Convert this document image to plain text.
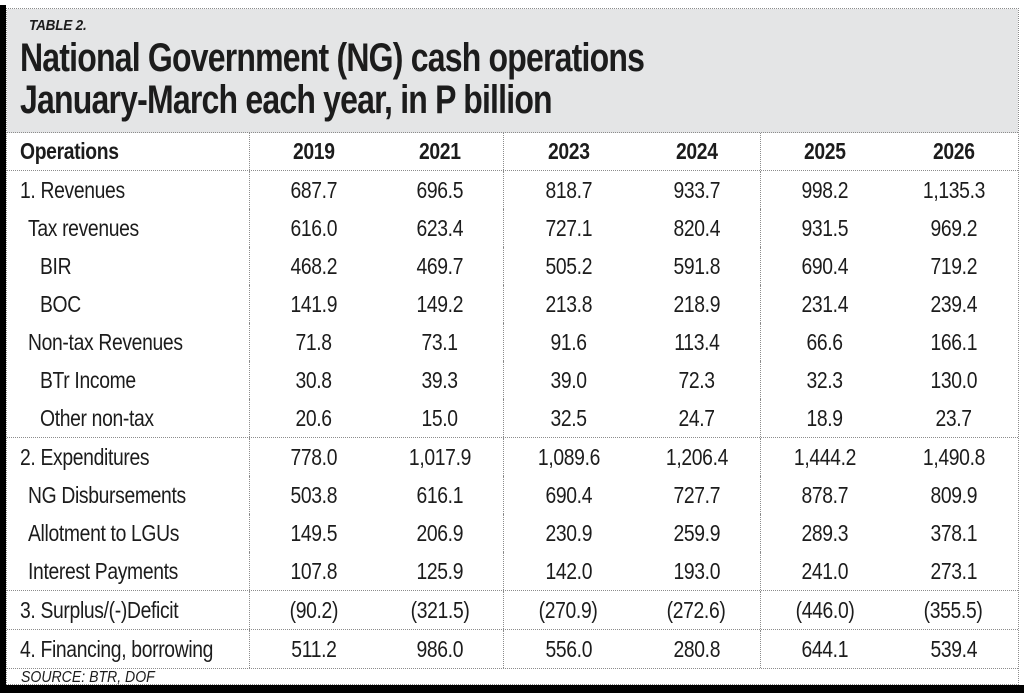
TABLE 2.
National Government (NG) cash operations
January-March each year, in P billion
Operations	2019	2021	2023	2024	2025	2026
1. Revenues	687.7	696.5	818.7	933.7	998.2	1,135.3
Tax revenues	616.0	623.4	727.1	820.4	931.5	969.2
BIR	468.2	469.7	505.2	591.8	690.4	719.2
BOC	141.9	149.2	213.8	218.9	231.4	239.4
Non-tax Revenues	71.8	73.1	91.6	113.4	66.6	166.1
BTr Income	30.8	39.3	39.0	72.3	32.3	130.0
Other non-tax	20.6	15.0	32.5	24.7	18.9	23.7
2. Expenditures	778.0	1,017.9	1,089.6	1,206.4	1,444.2	1,490.8
NG Disbursements	503.8	616.1	690.4	727.7	878.7	809.9
Allotment to LGUs	149.5	206.9	230.9	259.9	289.3	378.1
Interest Payments	107.8	125.9	142.0	193.0	241.0	273.1
3. Surplus/(-)Deficit	(90.2)	(321.5)	(270.9)	(272.6)	(446.0)	(355.5)
4. Financing, borrowing	511.2	986.0	556.0	280.8	644.1	539.4
SOURCE: BTR, DOF
